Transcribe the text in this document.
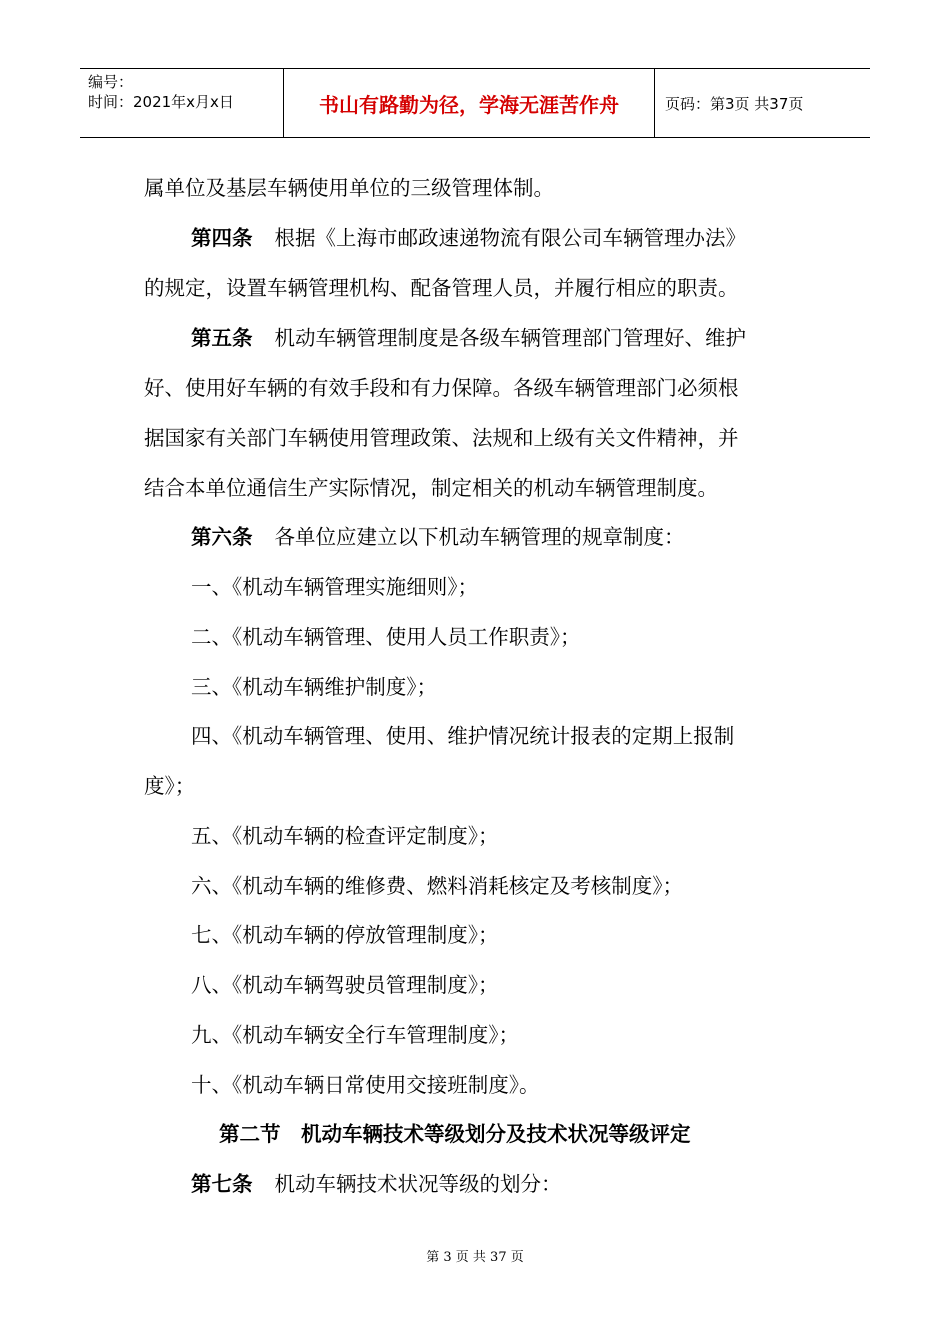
编号：
时间：2021年x月x日	书山有路勤为径，学海无涯苦作舟	页码：第3页 共37页
属单位及基层车辆使用单位的三级管理体制。
第四条 根据《上海市邮政速递物流有限公司车辆管理办法》
的规定，设置车辆管理机构、配备管理人员，并履行相应的职责。
第五条 机动车辆管理制度是各级车辆管理部门管理好、维护
好、使用好车辆的有效手段和有力保障。各级车辆管理部门必须根
据国家有关部门车辆使用管理政策、法规和上级有关文件精神，并
结合本单位通信生产实际情况，制定相关的机动车辆管理制度。
第六条 各单位应建立以下机动车辆管理的规章制度：
一、《机动车辆管理实施细则》；
二、《机动车辆管理、使用人员工作职责》；
三、《机动车辆维护制度》；
四、《机动车辆管理、使用、维护情况统计报表的定期上报制
度》；
五、《机动车辆的检查评定制度》；
六、《机动车辆的维修费、燃料消耗核定及考核制度》；
七、《机动车辆的停放管理制度》；
八、《机动车辆驾驶员管理制度》；
九、《机动车辆安全行车管理制度》；
十、《机动车辆日常使用交接班制度》。
第二节　机动车辆技术等级划分及技术状况等级评定
第七条 机动车辆技术状况等级的划分：
第 3 页 共 37 页
